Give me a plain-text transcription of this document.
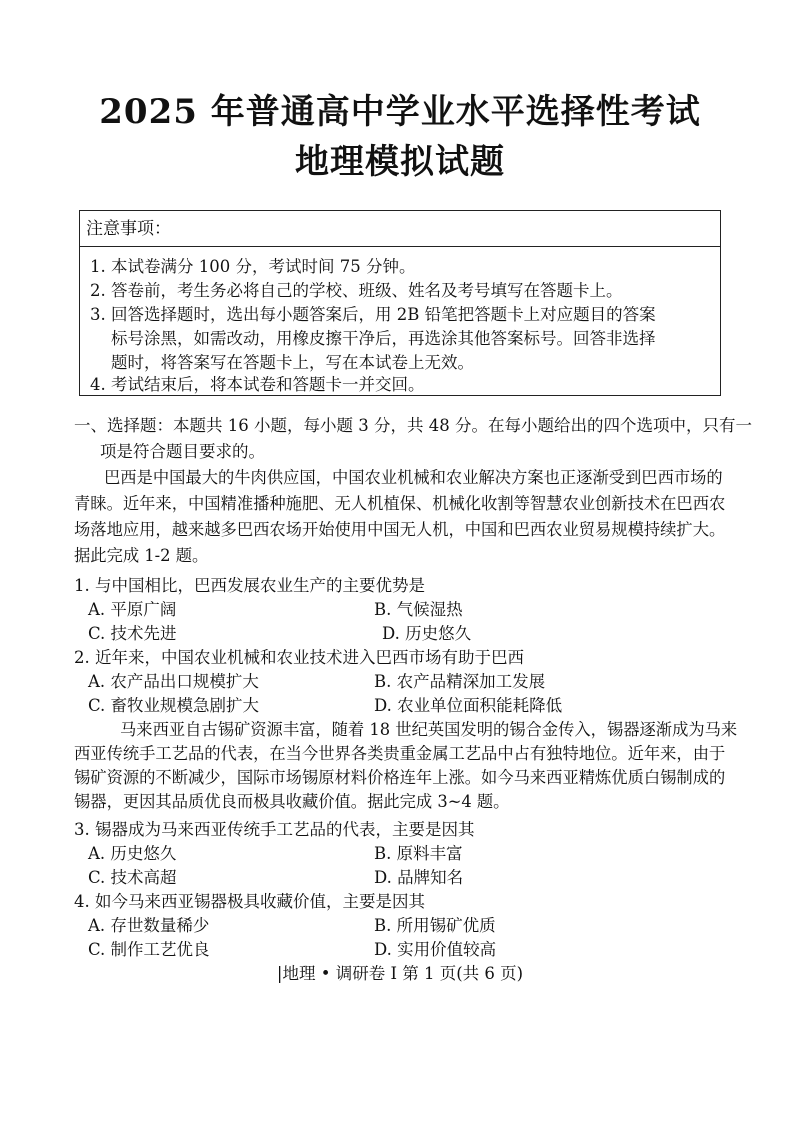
2025 年普通高中学业水平选择性考试
地理模拟试题
注意事项：
1. 本试卷满分 100 分，考试时间 75 分钟。
2. 答卷前，考生务必将自己的学校、班级、姓名及考号填写在答题卡上。
3. 回答选择题时，选出每小题答案后，用 2B 铅笔把答题卡上对应题目的答案
标号涂黑，如需改动，用橡皮擦干净后，再选涂其他答案标号。回答非选择
题时，将答案写在答题卡上，写在本试卷上无效。
4. 考试结束后，将本试卷和答题卡一并交回。
一、选择题：本题共 16 小题，每小题 3 分，共 48 分。在每小题给出的四个选项中，只有一
项是符合题目要求的。
巴西是中国最大的牛肉供应国，中国农业机械和农业解决方案也正逐渐受到巴西市场的
青睐。近年来，中国精准播种施肥、无人机植保、机械化收割等智慧农业创新技术在巴西农
场落地应用，越来越多巴西农场开始使用中国无人机，中国和巴西农业贸易规模持续扩大。
据此完成 1-2 题。
1. 与中国相比，巴西发展农业生产的主要优势是
A. 平原广阔	B. 气候湿热
C. 技术先进	D. 历史悠久
2. 近年来，中国农业机械和农业技术进入巴西市场有助于巴西
A. 农产品出口规模扩大	B. 农产品精深加工发展
C. 畜牧业规模急剧扩大	D. 农业单位面积能耗降低
马来西亚自古锡矿资源丰富，随着 18 世纪英国发明的锡合金传入，锡器逐渐成为马来
西亚传统手工艺品的代表，在当今世界各类贵重金属工艺品中占有独特地位。近年来，由于
锡矿资源的不断减少，国际市场锡原材料价格连年上涨。如今马来西亚精炼优质白锡制成的
锡器，更因其品质优良而极具收藏价值。据此完成 3~4 题。
3. 锡器成为马来西亚传统手工艺品的代表，主要是因其
A. 历史悠久	B. 原料丰富
C. 技术高超	D. 品牌知名
4. 如今马来西亚锡器极具收藏价值，主要是因其
A. 存世数量稀少	B. 所用锡矿优质
C. 制作工艺优良	D. 实用价值较高
|地理 • 调研卷 I 第 1 页(共 6 页)
